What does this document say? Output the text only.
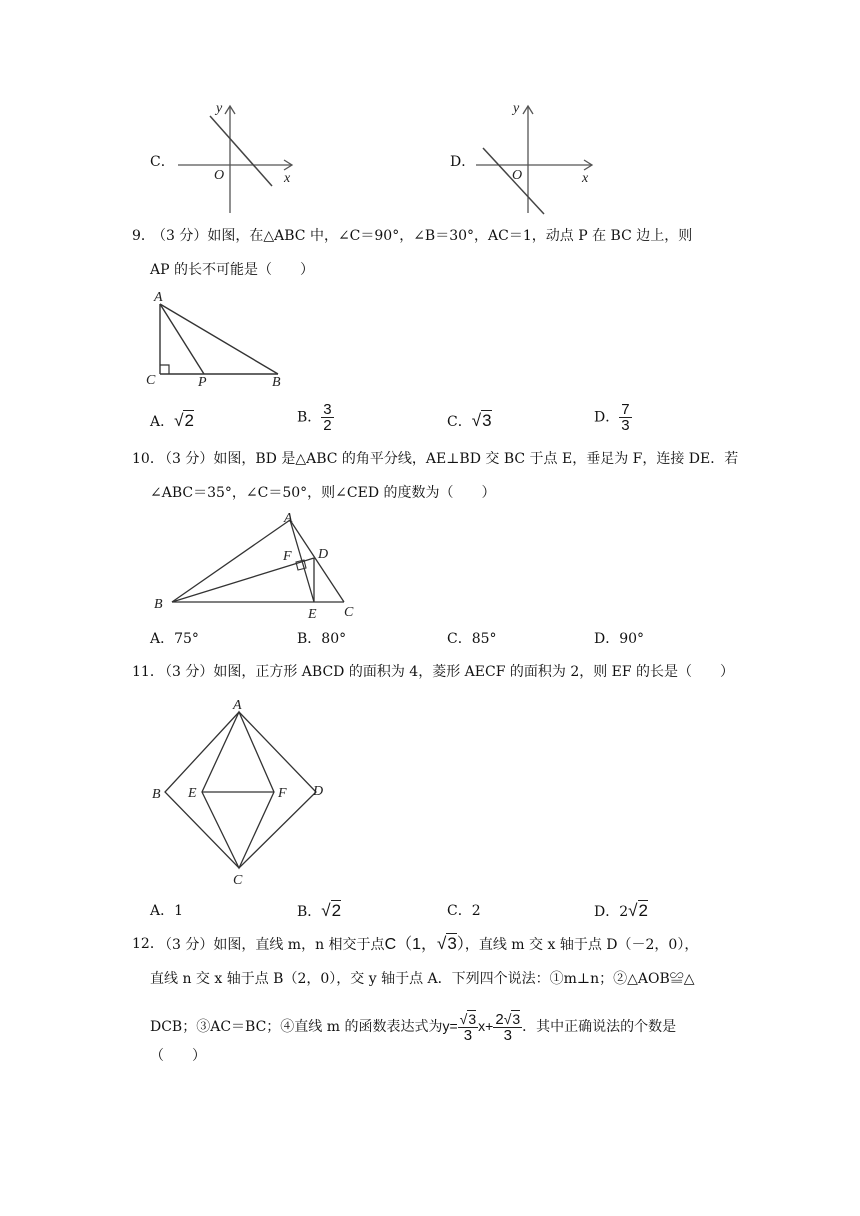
C．
y
x
O
D．
y
x
O
9．
（3 分）如图，在△ABC 中，∠C＝90°，∠B＝30°，AC＝1，动点 P 在 BC 边上，则
AP 的长不可能是（　　）
A
C	P	B
A．√2	B． $\frac{3}{2}$	C．√3	D． $\frac{7}{3}$
10．
（3 分）如图，BD 是△ABC 的角平分线，AE⊥BD 交 BC 于点 E，垂足为 F，连接 DE．若
∠ABC＝35°，∠C＝50°，则∠CED 的度数为（　　）
A
B
C
D
E
F
A．75°	B．80°	C．85°	D．90°
11．
（3 分）如图，正方形 ABCD 的面积为 4，菱形 AECF 的面积为 2，则 EF 的长是（　　）
A
B
C
D
E	F
A．1	B．√2	C．2	D．2√2
12．
（3 分）如图，直线 m，n 相交于点C（1，√3），直线 m 交 x 轴于点 D（－2，0），
直线 n 交 x 轴于点 B（2，0），交 y 轴于点 A．下列四个说法：①m⊥n；②△AOB≌△
DCB；③AC＝BC；④直线 m 的函数表达式为$y= \frac{√3}{3} x+ \frac{2√3}{3}$ ．其中正确说法的个数是
（　　）
